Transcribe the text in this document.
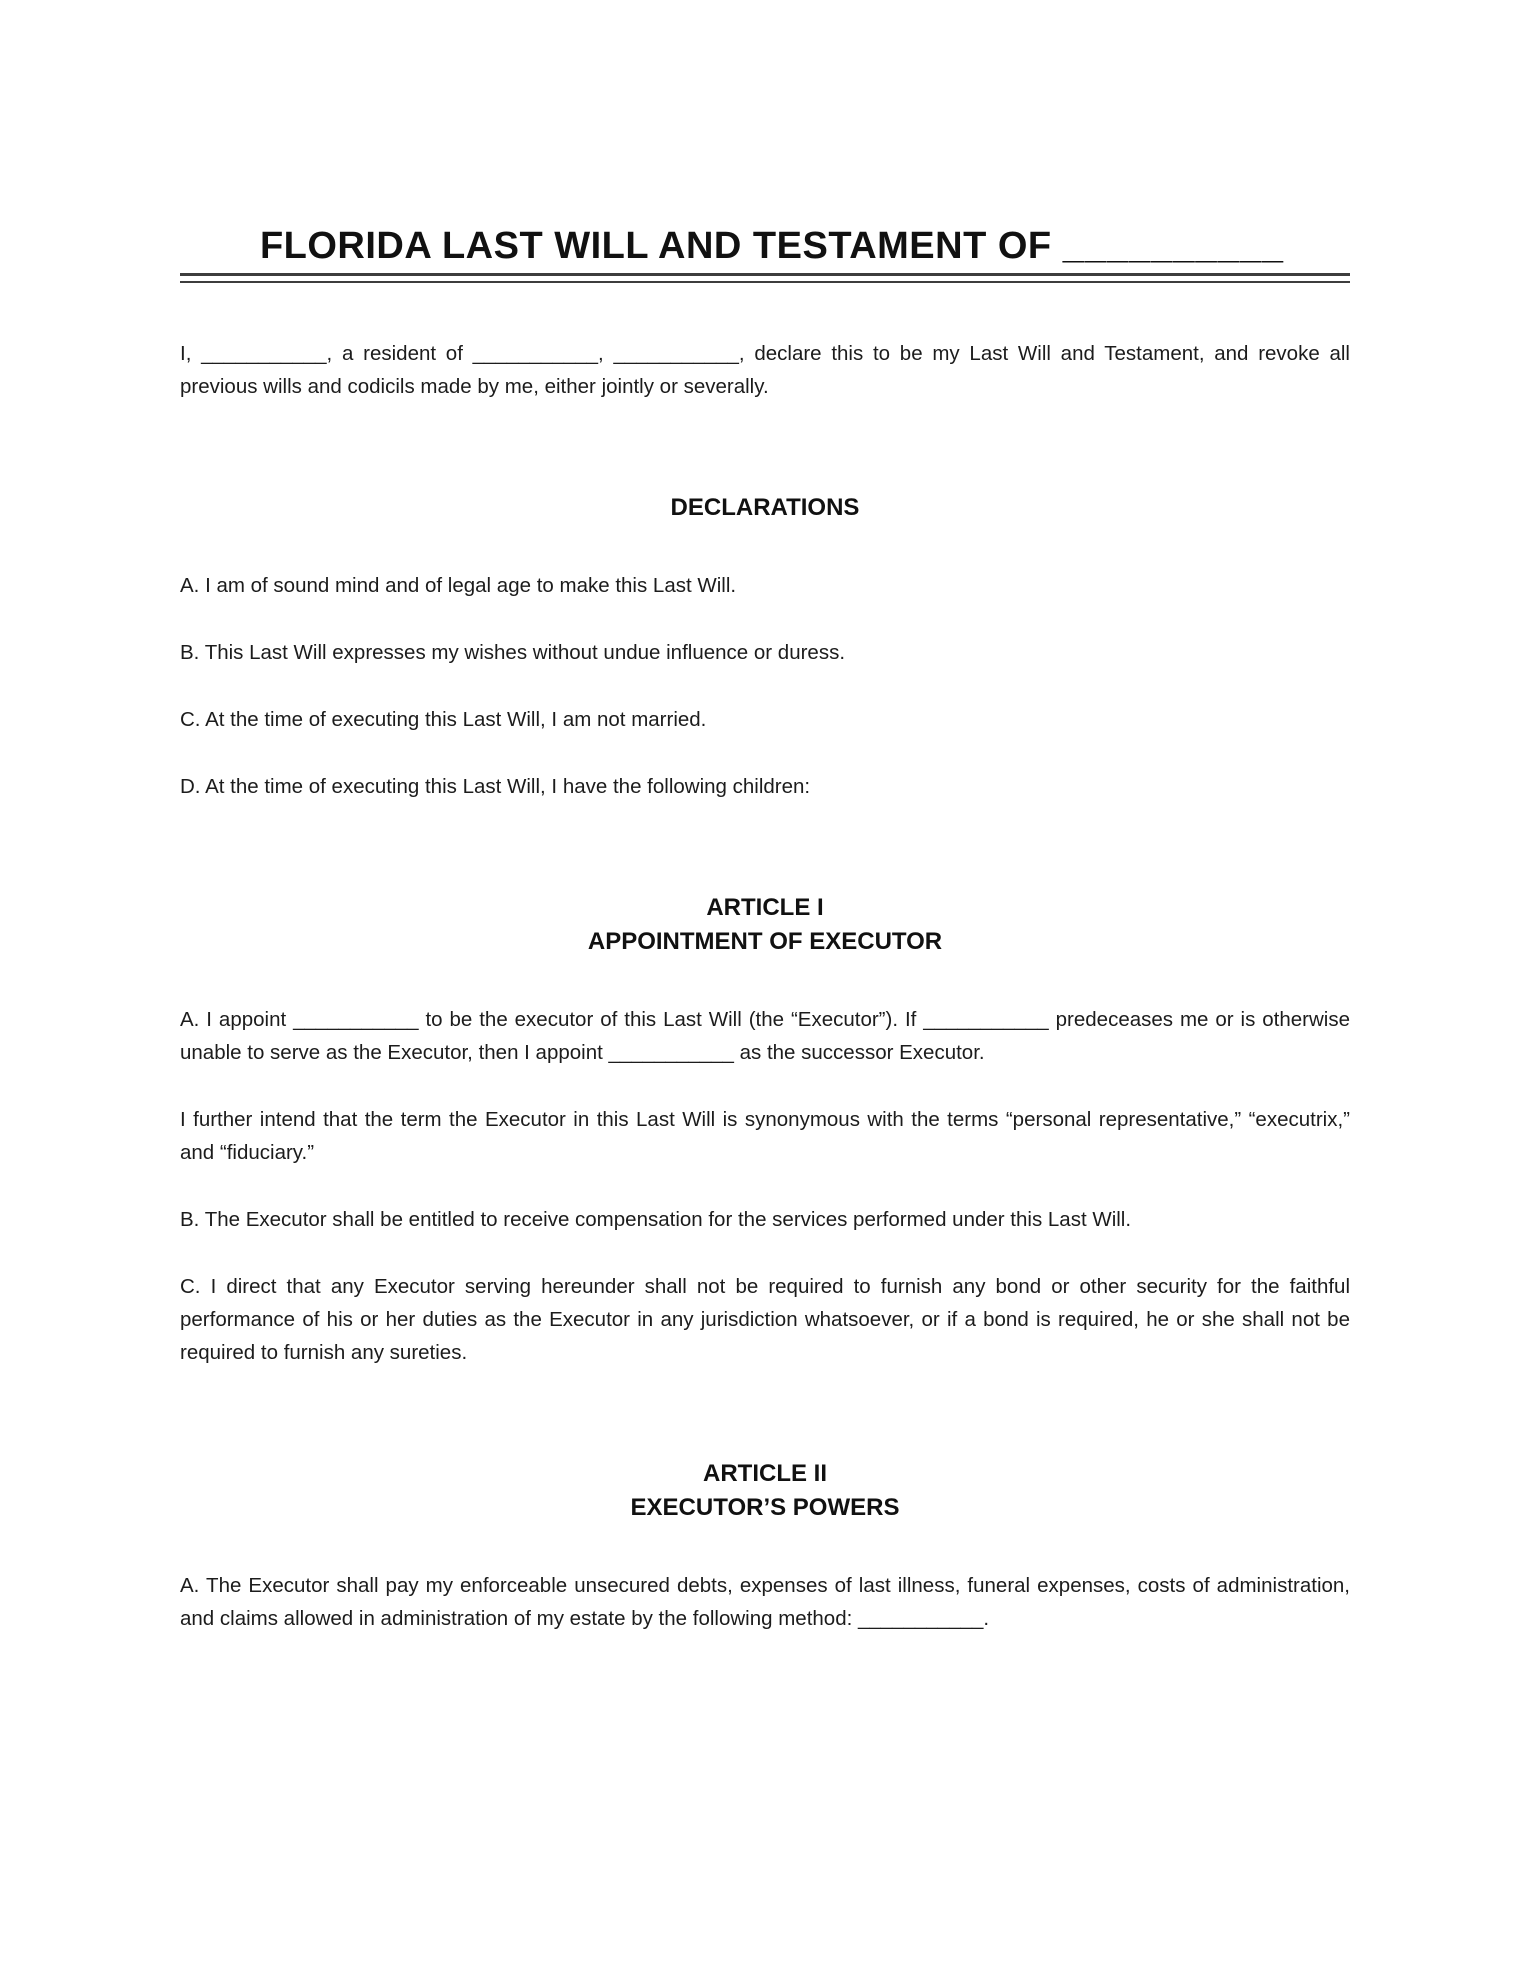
FLORIDA LAST WILL AND TESTAMENT OF __________

I, ___________, a resident of ___________, ___________, declare this to be my Last Will and Testament, and revoke all previous wills and codicils made by me, either jointly or severally.

DECLARATIONS

A. I am of sound mind and of legal age to make this Last Will.

B. This Last Will expresses my wishes without undue influence or duress.

C. At the time of executing this Last Will, I am not married.

D. At the time of executing this Last Will, I have the following children:

ARTICLE I
APPOINTMENT OF EXECUTOR

A. I appoint ___________ to be the executor of this Last Will (the “Executor”). If ___________ predeceases me or is otherwise unable to serve as the Executor, then I appoint ___________ as the successor Executor.

I further intend that the term the Executor in this Last Will is synonymous with the terms “personal representative,” “executrix,” and “fiduciary.”

B. The Executor shall be entitled to receive compensation for the services performed under this Last Will.

C. I direct that any Executor serving hereunder shall not be required to furnish any bond or other security for the faithful performance of his or her duties as the Executor in any jurisdiction whatsoever, or if a bond is required, he or she shall not be required to furnish any sureties.

ARTICLE II
EXECUTOR’S POWERS

A. The Executor shall pay my enforceable unsecured debts, expenses of last illness, funeral expenses, costs of administration, and claims allowed in administration of my estate by the following method: ___________.
